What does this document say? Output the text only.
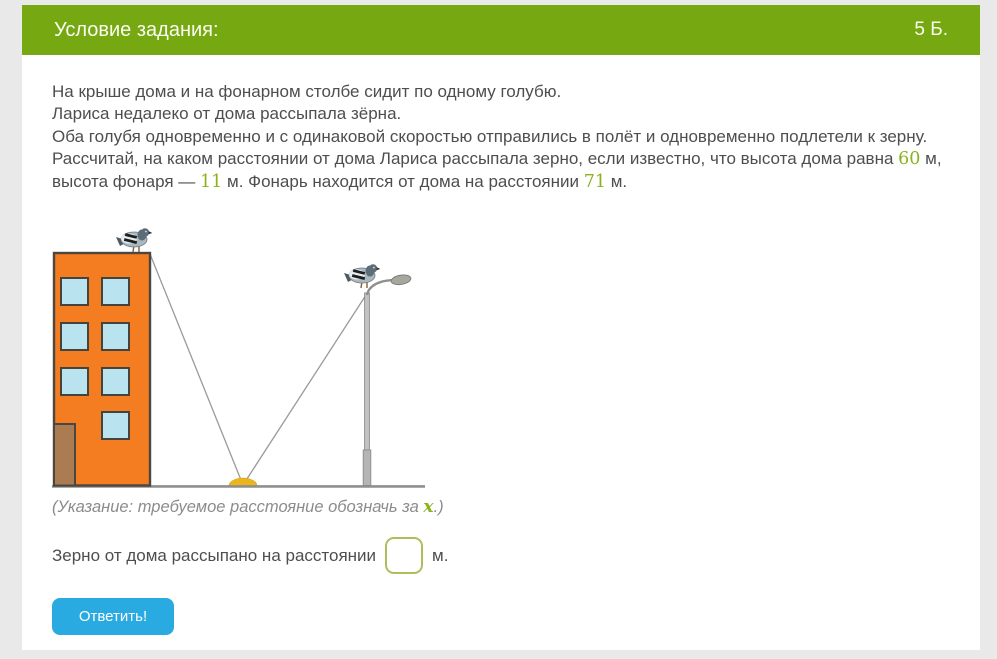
Условие задания:	5 Б.
На крыше дома и на фонарном столбе сидит по одному голубю.
Лариса недалеко от дома рассыпала зёрна.
Оба голубя одновременно и с одинаковой скоростью отправились в полёт и одновременно подлетели к зерну.
Рассчитай, на каком расстоянии от дома Лариса рассыпала зерно, если известно, что высота дома равна 60 м,
высота фонаря — 11 м. Фонарь находится от дома на расстоянии 71 м.
(Указание: требуемое расстояние обозначь за x.)
Зерно от дома рассыпано на расстоянии	м.
Ответить!
